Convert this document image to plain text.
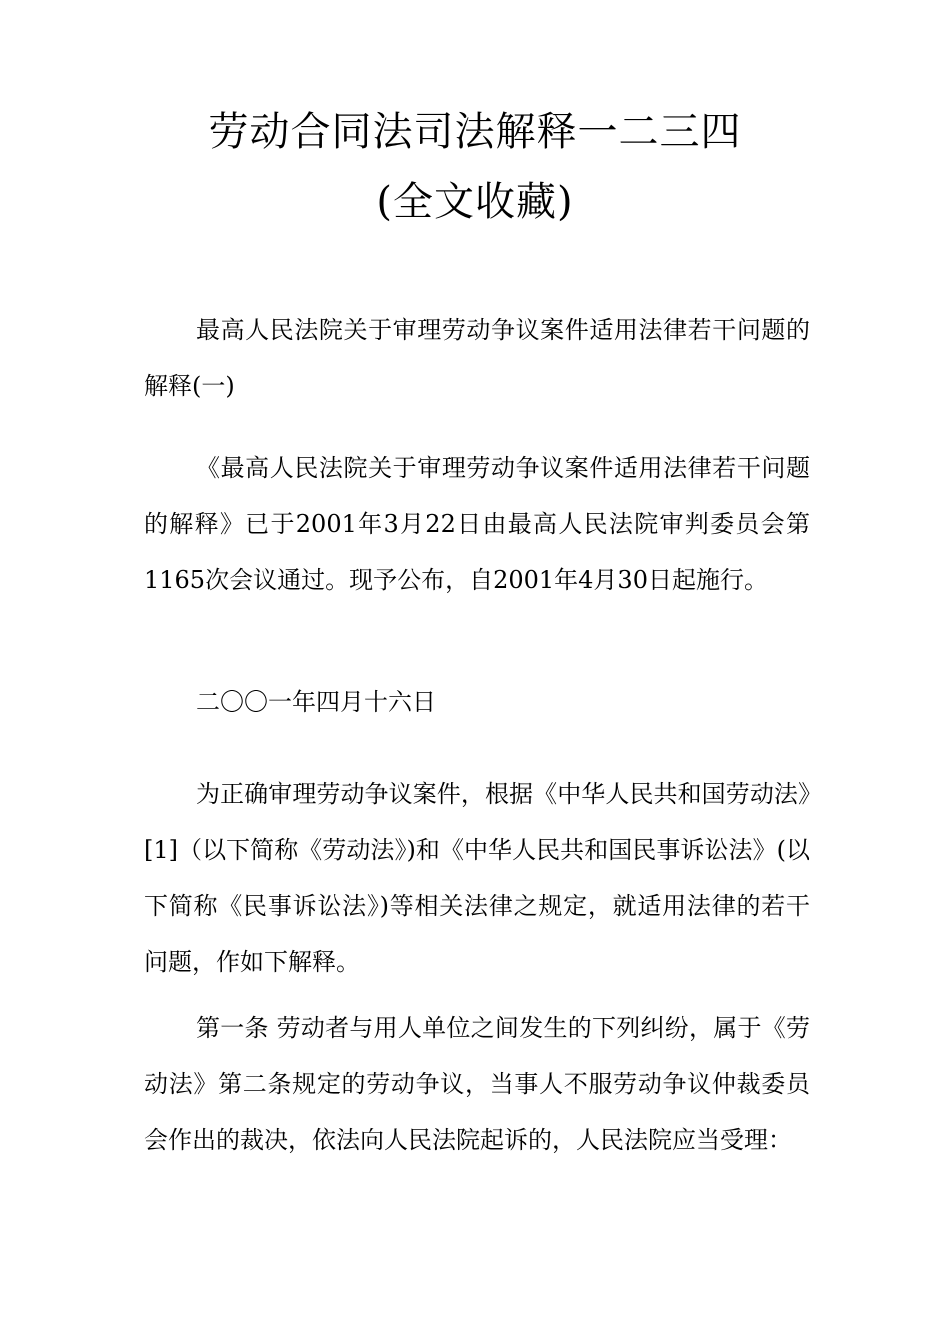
劳动合同法司法解释一二三四
(全文收藏)

最高人民法院关于审理劳动争议案件适用法律若干问题的解释(一)

《最高人民法院关于审理劳动争议案件适用法律若干问题的解释》已于2001年3月22日由最高人民法院审判委员会第1165次会议通过。现予公布，自2001年4月30日起施行。

二〇〇一年四月十六日

为正确审理劳动争议案件，根据《中华人民共和国劳动法》[1]（以下简称《劳动法》)和《中华人民共和国民事诉讼法》(以下简称《民事诉讼法》)等相关法律之规定，就适用法律的若干问题，作如下解释。

第一条 劳动者与用人单位之间发生的下列纠纷，属于《劳动法》第二条规定的劳动争议，当事人不服劳动争议仲裁委员会作出的裁决，依法向人民法院起诉的，人民法院应当受理：
